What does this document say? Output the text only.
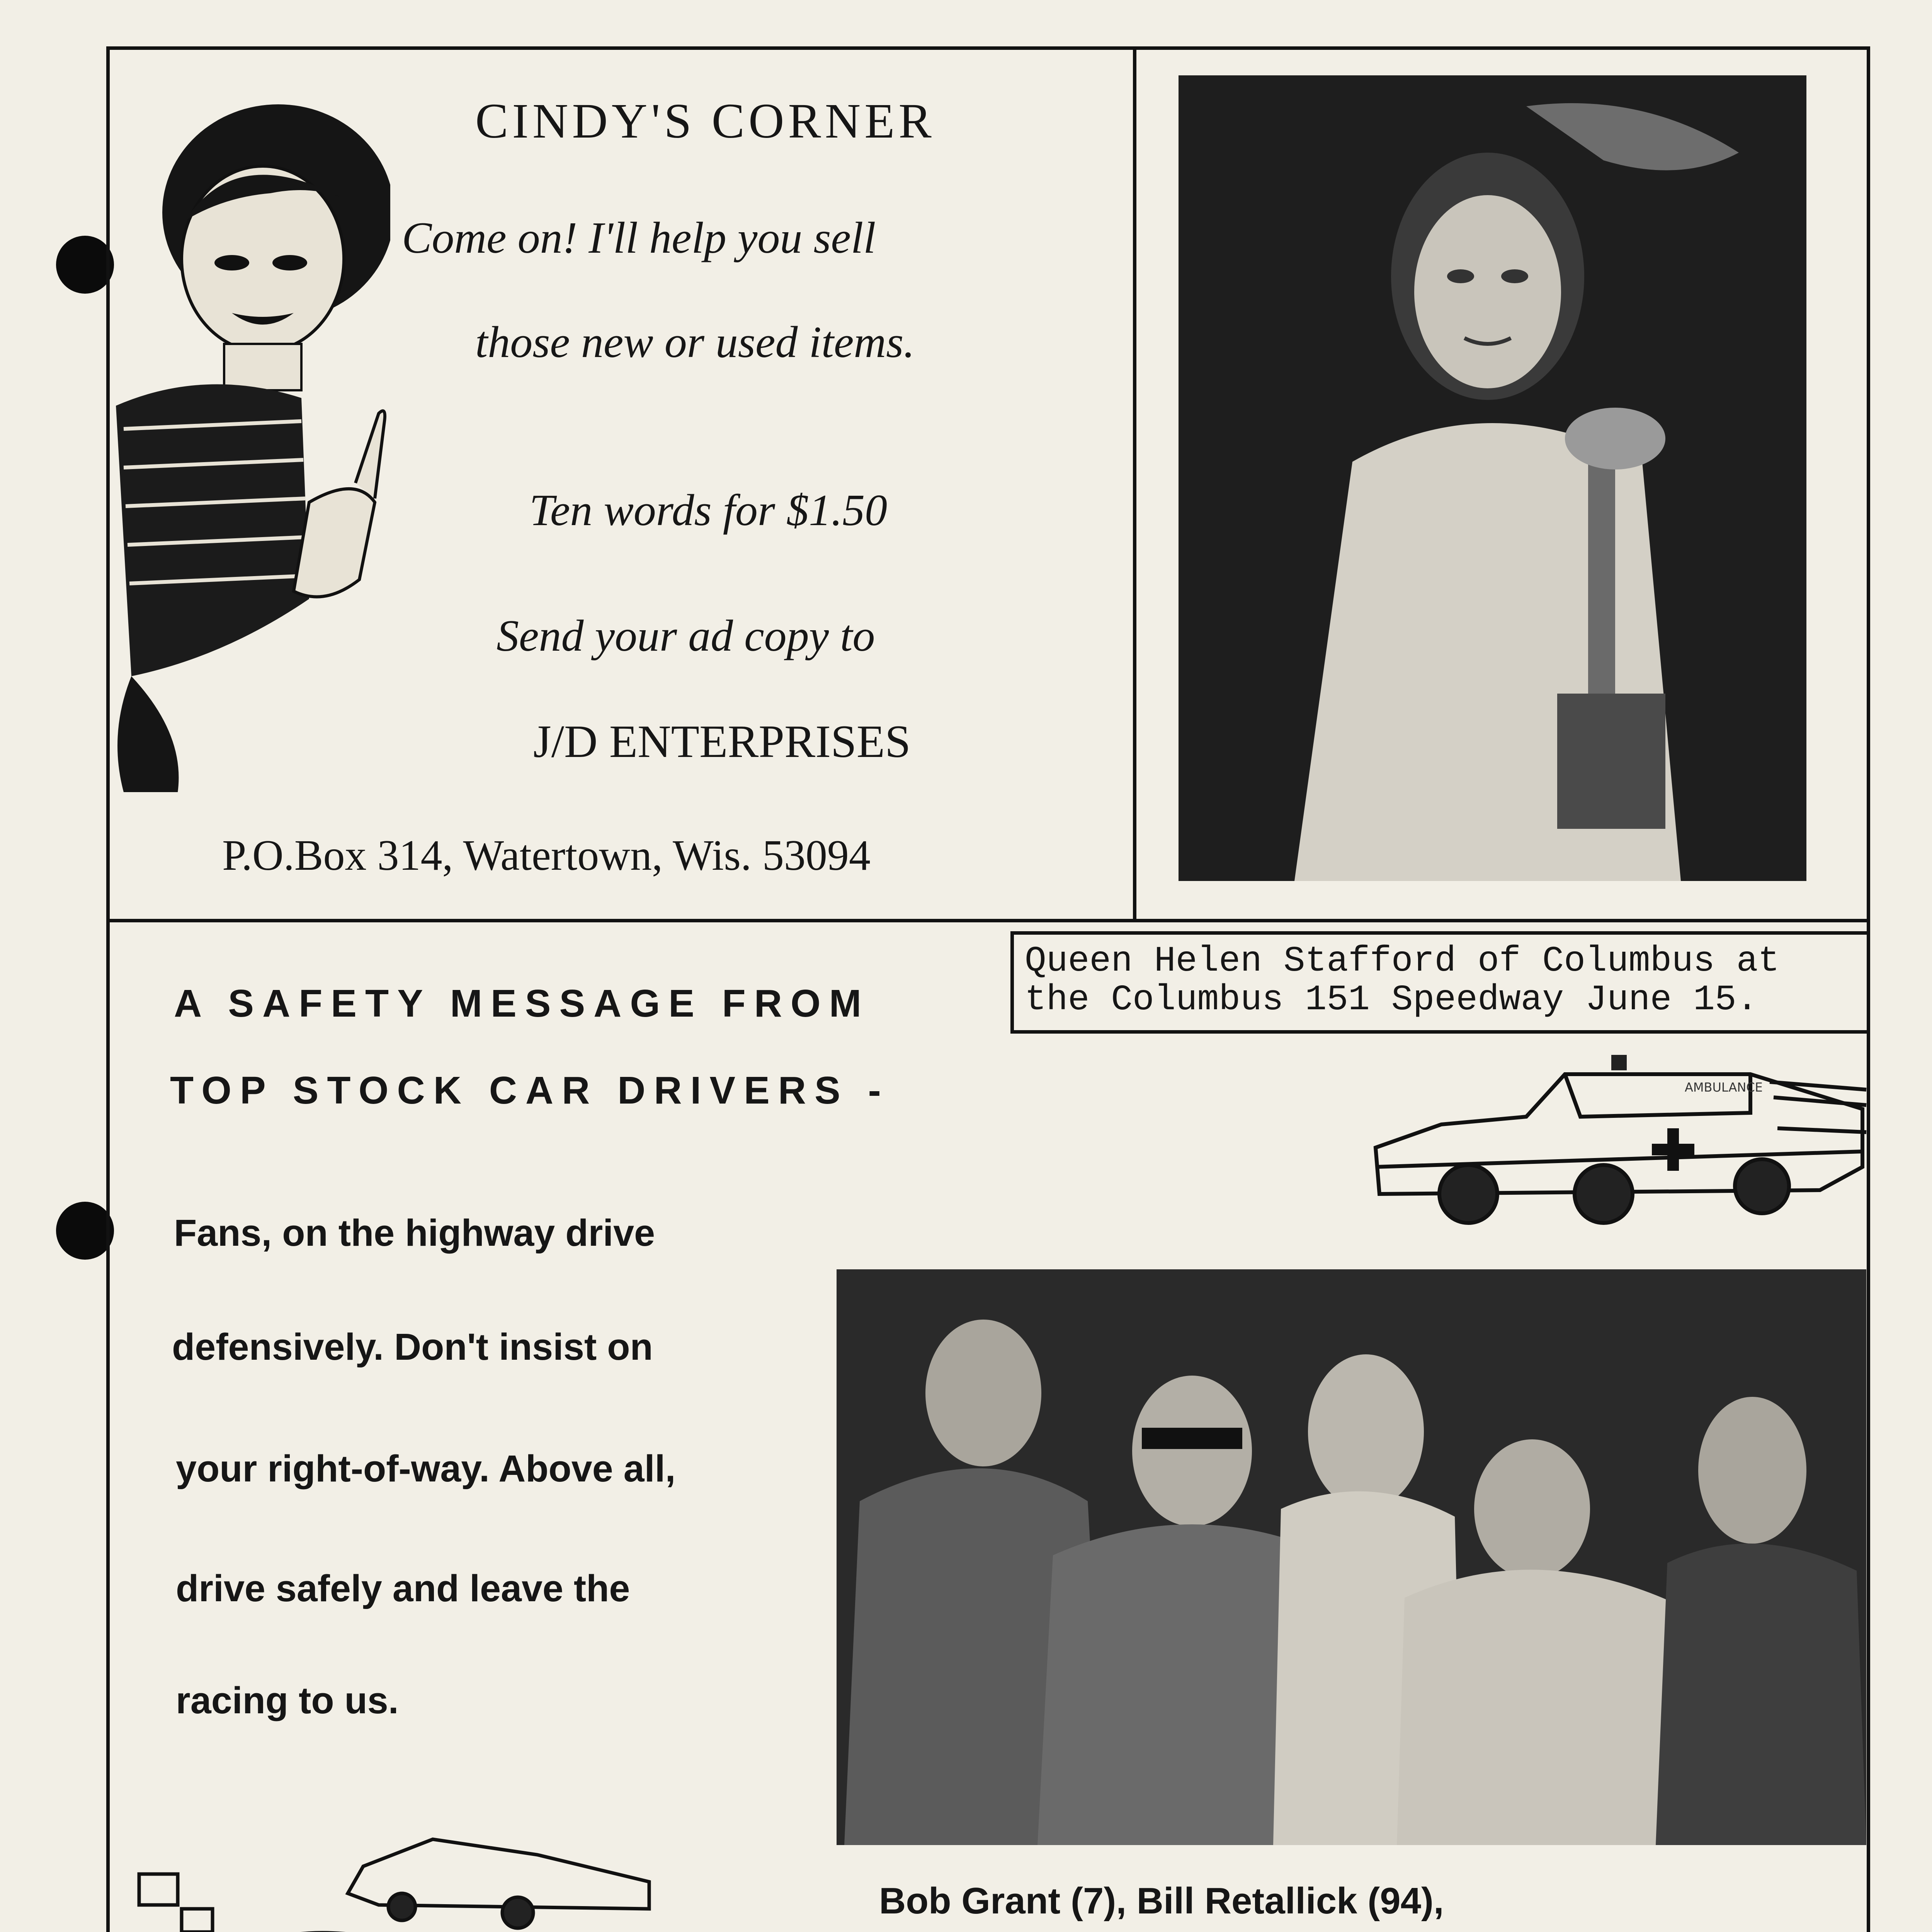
CINDY'S CORNER
Come on! I'll help you sell
those new or used items.
Ten words for $1.50
Send your ad copy to
J/D ENTERPRISES
P.O.Box 314, Watertown, Wis. 53094
Queen Helen Stafford of Columbus at
the Columbus 151 Speedway June 15.
A SAFETY MESSAGE FROM
TOP STOCK CAR DRIVERS -
Fans, on the highway drive
defensively. Don't insist on
your right-of-way. Above all,
drive safely and leave the
racing to us.
AMBULANCE
Bob Grant (7), Bill Retallick (94),
